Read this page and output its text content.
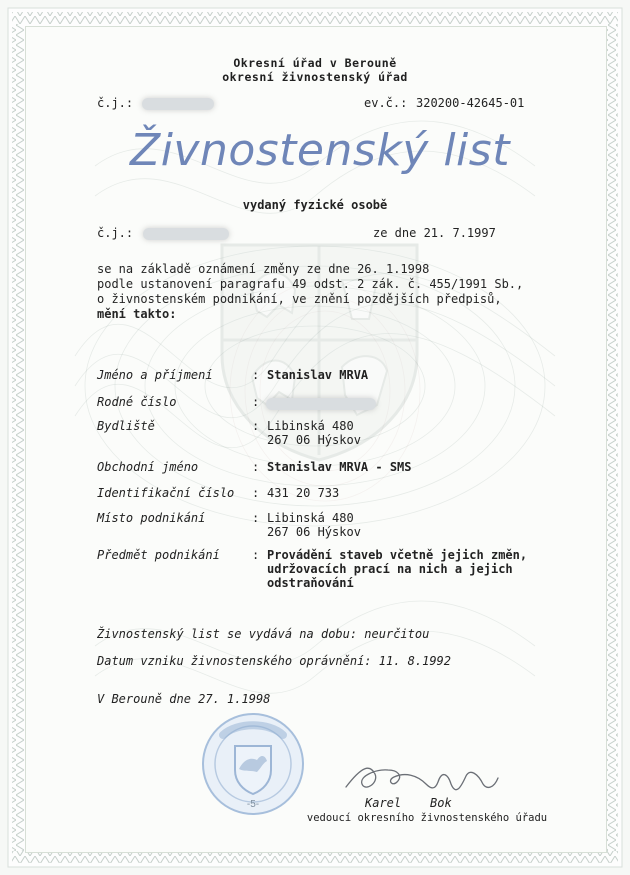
Okresní úřad v Berouně
okresní živnostenský úřad
č.j.:	ev.č.: 320200-42645-01
Živnostenský list
vydaný fyzické osobě
č.j.:	ze dne 21. 7.1997
se na základě oznámení změny ze dne 26. 1.1998
podle ustanovení paragrafu 49 odst. 2 zák. č. 455/1991 Sb.,
o živnostenském podnikání, ve znění pozdějších předpisů,
mění takto:
Jméno a příjmení	: Stanislav MRVA
Rodné číslo	:
Bydliště	: Libinská 480
267 06 Hýskov
Obchodní jméno	: Stanislav MRVA - SMS
Identifikační číslo	: 431 20 733
Místo podnikání	: Libinská 480
267 06 Hýskov
Předmět podnikání	: Provádění staveb včetně jejich změn,
udržovacích prací na nich a jejich
odstraňování
Živnostenský list se vydává na dobu: neurčitou
Datum vzniku živnostenského oprávnění: 11. 8.1992
V Berouně dne 27. 1.1998
-5-	Karel    Bok
vedoucí okresního živnostenského úřadu
